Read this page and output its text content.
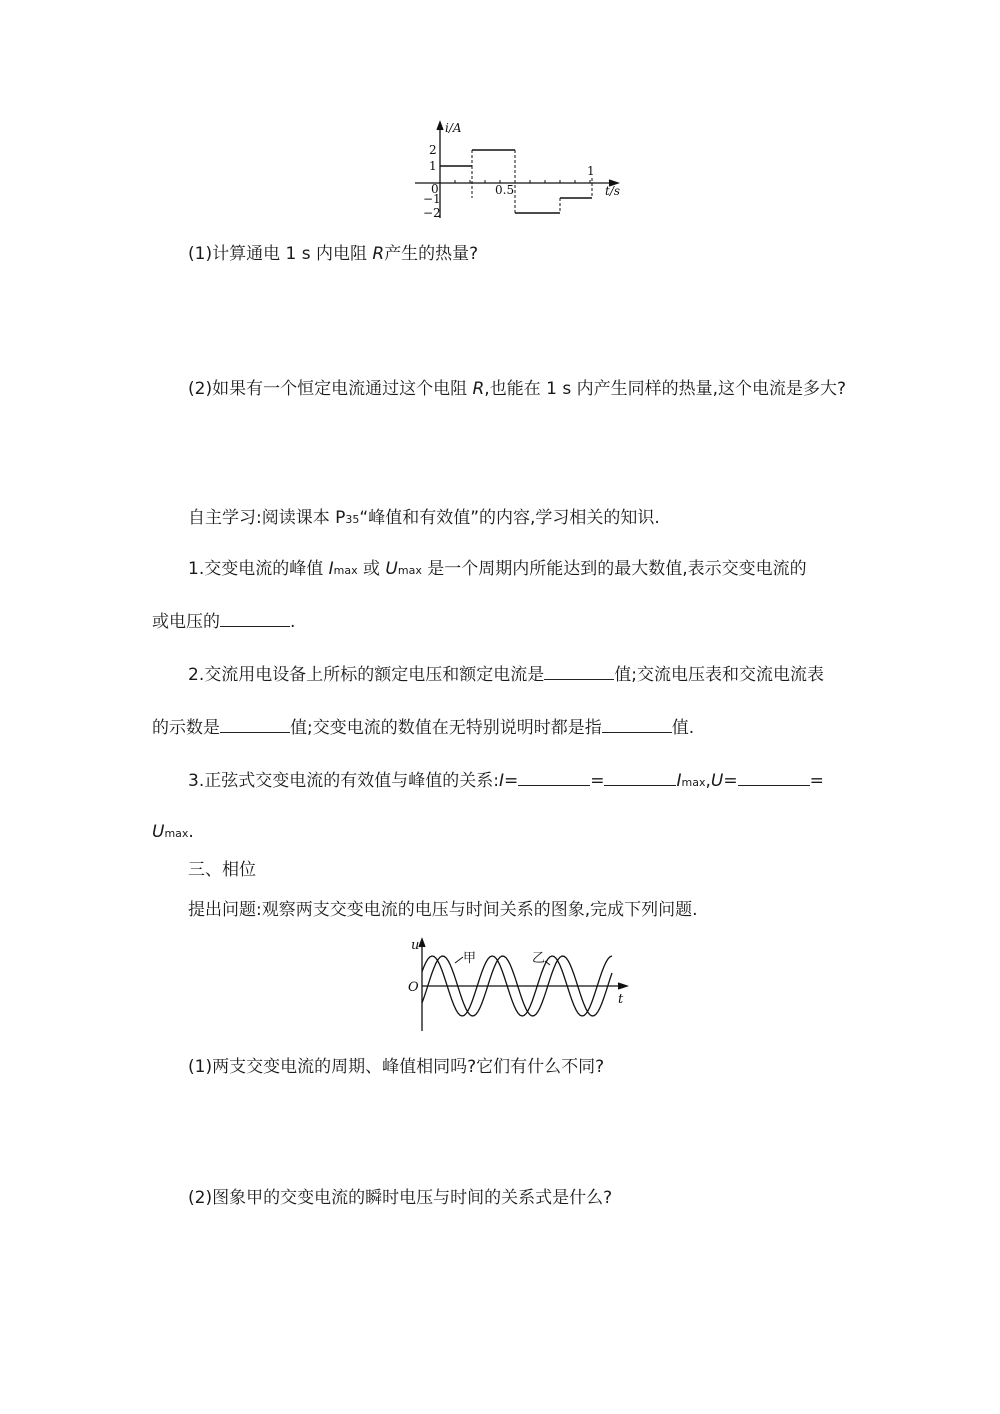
i/A
t/s
2
1
0
−1
−2
0.5
1
(1)计算通电 1 s 内电阻 R产生的热量?
(2)如果有一个恒定电流通过这个电阻 R,也能在 1 s 内产生同样的热量,这个电流是多大?
自主学习:阅读课本 P35“峰值和有效值”的内容,学习相关的知识.
1.交变电流的峰值 Imax 或 Umax 是一个周期内所能达到的最大数值,表示交变电流的
或电压的	.
2.交流用电设备上所标的额定电压和额定电流是	值;交流电压表和交流电流表
的示数是	值;交变电流的数值在无特别说明时都是指	值.
3.正弦式交变电流的有效值与峰值的关系:I=	=	Imax,U=	=
Umax.
三、相位
提出问题:观察两支交变电流的电压与时间关系的图象,完成下列问题.
u
t
O
甲	乙
(1)两支交变电流的周期、峰值相同吗?它们有什么不同?
(2)图象甲的交变电流的瞬时电压与时间的关系式是什么?
